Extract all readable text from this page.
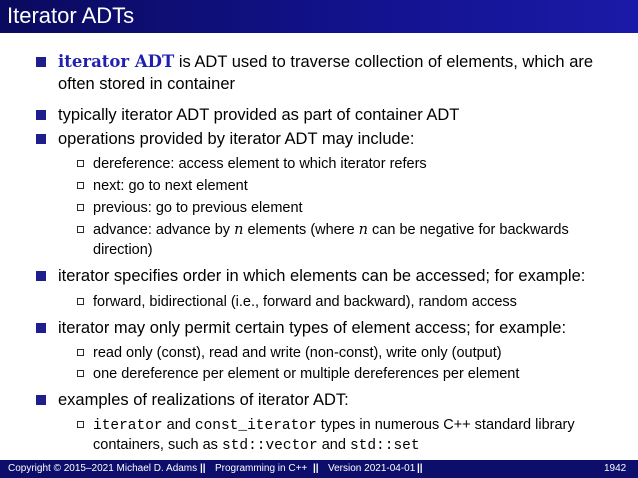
Iterator ADTs
iterator ADT is ADT used to traverse collection of elements, which are
often stored in container
typically iterator ADT provided as part of container ADT
operations provided by iterator ADT may include:
dereference: access element to which iterator refers
next: go to next element
previous: go to previous element
advance: advance by n elements (where n can be negative for backwards
direction)
iterator specifies order in which elements can be accessed; for example:
forward, bidirectional (i.e., forward and backward), random access
iterator may only permit certain types of element access; for example:
read only (const), read and write (non-const), write only (output)
one dereference per element or multiple dereferences per element
examples of realizations of iterator ADT:
iterator and const_iterator types in numerous C++ standard library
containers, such as std::vector and std::set
Copyright © 2015–2021 Michael D. Adams || Programming in C++ || Version 2021-04-01 ||	1942
